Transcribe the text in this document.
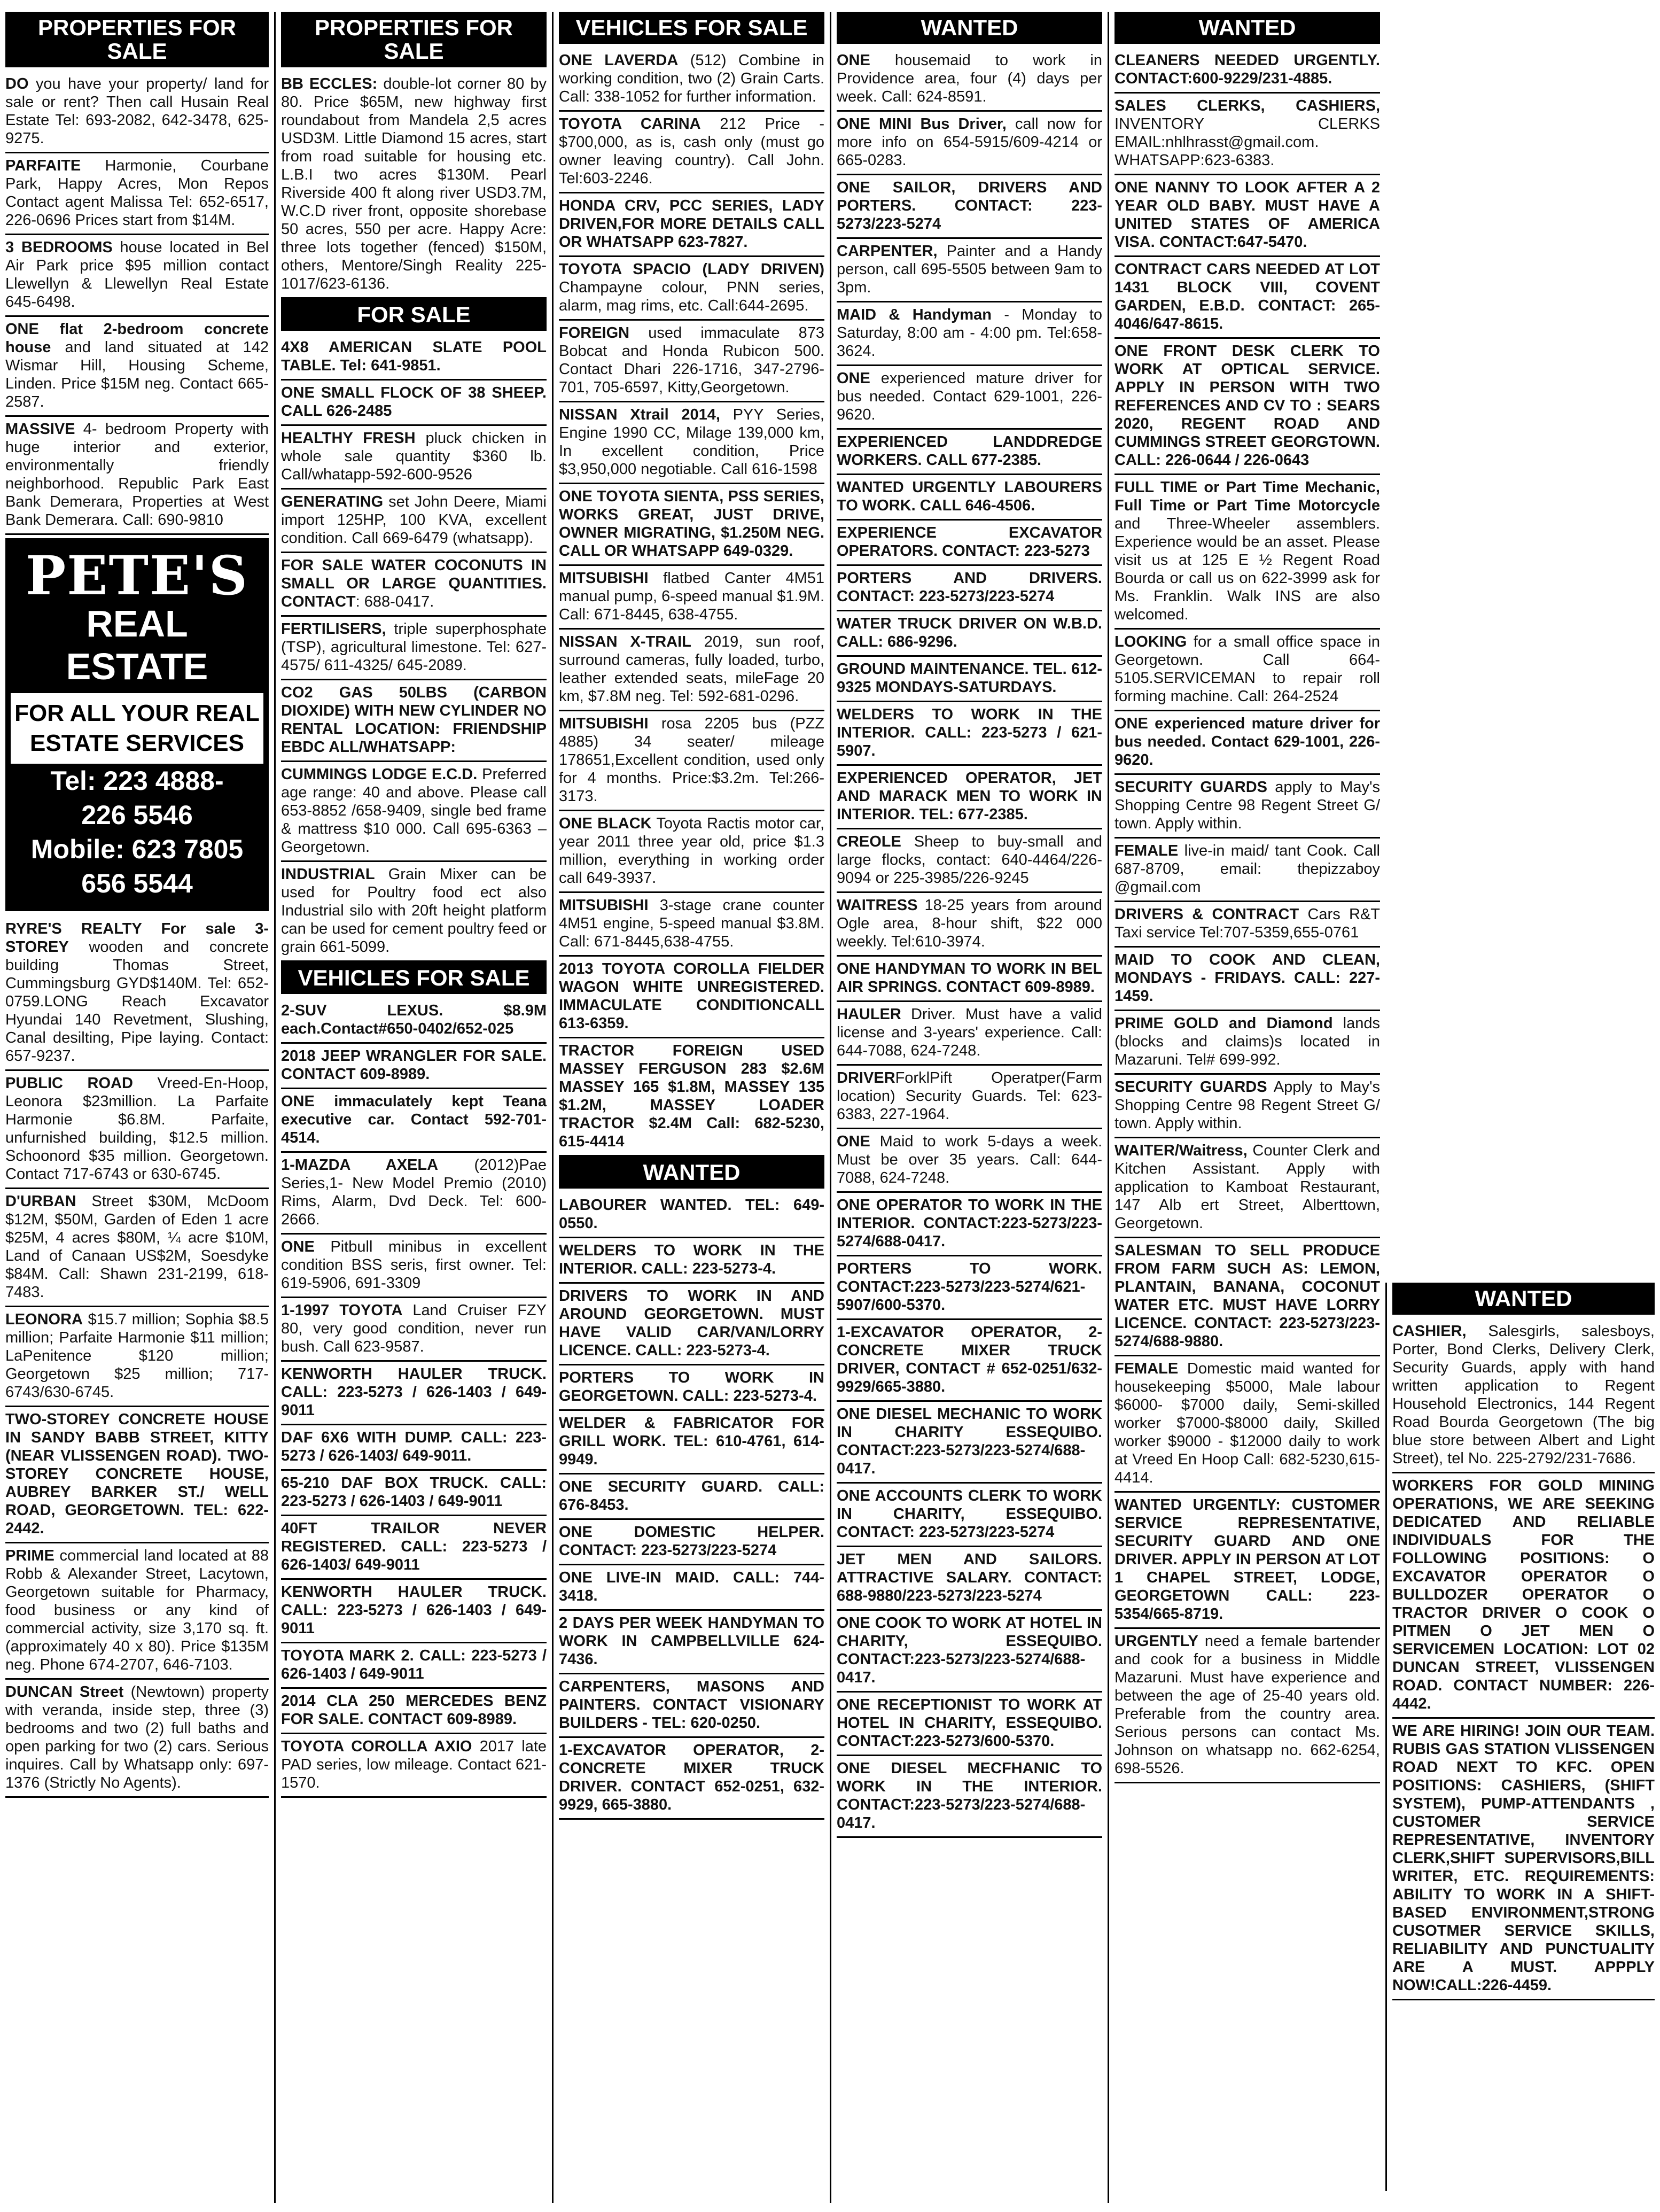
PROPERTIES FOR SALE

DO you have your property/ land for sale or rent? Then call Husain Real Estate Tel: 693-2082, 642-3478, 625-9275.

PARFAITE Harmonie, Courbane Park, Happy Acres, Mon Repos Contact agent Malissa Tel: 652-6517, 226-0696 Prices start from $14M.

3 BEDROOMS house located in Bel Air Park price $95 million contact Llewellyn & Llewellyn Real Estate 645-6498.

ONE flat 2-bedroom concrete house and land situated at 142 Wismar Hill, Housing Scheme, Linden. Price $15M neg. Contact 665-2587.

MASSIVE 4- bedroom Property with huge interior and exterior, environmentally friendly neighborhood. Republic Park East Bank Demerara, Properties at West Bank Demerara. Call: 690-9810

PETE'S
REAL ESTATE
FOR ALL YOUR REAL ESTATE SERVICES
Tel: 223 4888-
226 5546
Mobile: 623 7805
656 5544

RYRE'S REALTY For sale 3-STOREY wooden and concrete building Thomas Street, Cummingsburg GYD$140M. Tel: 652-0759.LONG Reach Excavator Hyundai 140 Revetment, Slushing, Canal desilting, Pipe laying. Contact: 657-9237.

PUBLIC ROAD Vreed-En-Hoop, Leonora $23million. La Parfaite Harmonie $6.8M. Parfaite, unfurnished building, $12.5 million. Schoonord $35 million. Georgetown. Contact 717-6743 or 630-6745.

D'URBAN Street $30M, McDoom $12M, $50M, Garden of Eden 1 acre $25M, 4 acres $80M, ¼ acre $10M, Land of Canaan US$2M, Soesdyke $84M. Call: Shawn 231-2199, 618-7483.

LEONORA $15.7 million; Sophia $8.5 million; Parfaite Harmonie $11 million; LaPenitence $120 million; Georgetown $25 million; 717-6743/630-6745.

TWO-STOREY CONCRETE HOUSE IN SANDY BABB STREET, KITTY (NEAR VLISSENGEN ROAD). TWO-STOREY CONCRETE HOUSE, AUBREY BARKER ST./ WELL ROAD, GEORGETOWN. TEL: 622-2442.

PRIME commercial land located at 88 Robb & Alexander Street, Lacytown, Georgetown suitable for Pharmacy, food business or any kind of commercial activity, size 3,170 sq. ft. (approximately 40 x 80). Price $135M neg. Phone 674-2707, 646-7103.

DUNCAN Street (Newtown) property with veranda, inside step, three (3) bedrooms and two (2) full baths and open parking for two (2) cars. Serious inquires. Call by Whatsapp only: 697-1376 (Strictly No Agents).

PROPERTIES FOR SALE

BB ECCLES: double-lot corner 80 by 80. Price $65M, new highway first roundabout from Mandela 2,5 acres USD3M. Little Diamond 15 acres, start from road suitable for housing etc. L.B.I two acres $130M. Pearl Riverside 400 ft along river USD3.7M, W.C.D river front, opposite shorebase 50 acres, 550 per acre. Happy Acre: three lots together (fenced) $150M, others, Mentore/Singh Reality 225-1017/623-6136.

FOR SALE

4X8 AMERICAN SLATE POOL TABLE. Tel: 641-9851.

ONE SMALL FLOCK OF 38 SHEEP. CALL 626-2485

HEALTHY FRESH pluck chicken in whole sale quantity $360 lb. Call/whatapp-592-600-9526

GENERATING set John Deere, Miami import 125HP, 100 KVA, excellent condition. Call 669-6479 (whatsapp).

FOR SALE WATER COCONUTS IN SMALL OR LARGE QUANTITIES. CONTACT: 688-0417.

FERTILISERS, triple superphosphate (TSP), agricultural limestone. Tel: 627-4575/ 611-4325/ 645-2089.

CO2 GAS 50LBS (CARBON DIOXIDE) WITH NEW CYLINDER NO RENTAL LOCATION: FRIENDSHIP EBDC ALL/WHATSAPP:

CUMMINGS LODGE E.C.D. Preferred age range: 40 and above. Please call 653-8852 /658-9409, single bed frame & mattress $10 000. Call 695-6363 – Georgetown.

INDUSTRIAL Grain Mixer can be used for Poultry food ect also Industrial silo with 20ft height platform can be used for cement poultry feed or grain 661-5099.

VEHICLES FOR SALE

2-SUV LEXUS. $8.9M each.Contact#650-0402/652-025

2018 JEEP WRANGLER FOR SALE. CONTACT 609-8989.

ONE immaculately kept Teana executive car. Contact 592-701-4514.

1-MAZDA AXELA (2012)Pae Series,1- New Model Premio (2010) Rims, Alarm, Dvd Deck. Tel: 600-2666.

ONE Pitbull minibus in excellent condition BSS seris, first owner. Tel: 619-5906, 691-3309

1-1997 TOYOTA Land Cruiser FZY 80, very good condition, never run bush. Call 623-9587.

KENWORTH HAULER TRUCK. CALL: 223-5273 / 626-1403 / 649-9011

DAF 6X6 WITH DUMP. CALL: 223-5273 / 626-1403/ 649-9011.

65-210 DAF BOX TRUCK. CALL: 223-5273 / 626-1403 / 649-9011

40FT TRAILOR NEVER REGISTERED. CALL: 223-5273 / 626-1403/ 649-9011

KENWORTH HAULER TRUCK. CALL: 223-5273 / 626-1403 / 649-9011

TOYOTA MARK 2. CALL: 223-5273 / 626-1403 / 649-9011

2014 CLA 250 MERCEDES BENZ FOR SALE. CONTACT 609-8989.

TOYOTA COROLLA AXIO 2017 late PAD series, low mileage. Contact 621-1570.

VEHICLES FOR SALE

ONE LAVERDA (512) Combine in working condition, two (2) Grain Carts. Call: 338-1052 for further information.

TOYOTA CARINA 212 Price - $700,000, as is, cash only (must go owner leaving country). Call John. Tel:603-2246.

HONDA CRV, PCC SERIES, LADY DRIVEN,FOR MORE DETAILS CALL OR WHATSAPP 623-7827.

TOYOTA SPACIO (LADY DRIVEN) Champayne colour, PNN series, alarm, mag rims, etc. Call:644-2695.

FOREIGN used immaculate 873 Bobcat and Honda Rubicon 500. Contact Dhari 226-1716, 347-2796-701, 705-6597, Kitty,Georgetown.

NISSAN Xtrail 2014, PYY Series, Engine 1990 CC, Milage 139,000 km, In excellent condition, Price $3,950,000 negotiable. Call 616-1598

ONE TOYOTA SIENTA, PSS SERIES, WORKS GREAT, JUST DRIVE, OWNER MIGRATING, $1.250M NEG. CALL OR WHATSAPP 649-0329.

MITSUBISHI flatbed Canter 4M51 manual pump, 6-speed manual $1.9M. Call: 671-8445, 638-4755.

NISSAN X-TRAIL 2019, sun roof, surround cameras, fully loaded, turbo, leather extended seats, mileFage 20 km, $7.8M neg. Tel: 592-681-0296.

MITSUBISHI rosa 2205 bus (PZZ 4885) 34 seater/ mileage 178651,Excellent condition, used only for 4 months. Price:$3.2m. Tel:266-3173.

ONE BLACK Toyota Ractis motor car, year 2011 three year old, price $1.3 million, everything in working order call 649-3937.

MITSUBISHI 3-stage crane counter 4M51 engine, 5-speed manual $3.8M. Call: 671-8445,638-4755.

2013 TOYOTA COROLLA FIELDER WAGON WHITE UNREGISTERED. IMMACULATE CONDITIONCALL 613-6359.

TRACTOR FOREIGN USED MASSEY FERGUSON 283 $2.6M MASSEY 165 $1.8M, MASSEY 135 $1.2M, MASSEY LOADER TRACTOR $2.4M Call: 682-5230, 615-4414

WANTED

LABOURER WANTED. TEL: 649-0550.

WELDERS TO WORK IN THE INTERIOR. CALL: 223-5273-4.

DRIVERS TO WORK IN AND AROUND GEORGETOWN. MUST HAVE VALID CAR/VAN/LORRY LICENCE. CALL: 223-5273-4.

PORTERS TO WORK IN GEORGETOWN. CALL: 223-5273-4.

WELDER & FABRICATOR FOR GRILL WORK. TEL: 610-4761, 614-9949.

ONE SECURITY GUARD. CALL: 676-8453.

ONE DOMESTIC HELPER. CONTACT: 223-5273/223-5274

ONE LIVE-IN MAID. CALL: 744-3418.

2 DAYS PER WEEK HANDYMAN TO WORK IN CAMPBELLVILLE 624-7436.

CARPENTERS, MASONS AND PAINTERS. CONTACT VISIONARY BUILDERS - TEL: 620-0250.

1-EXCAVATOR OPERATOR, 2-CONCRETE MIXER TRUCK DRIVER. CONTACT 652-0251, 632-9929, 665-3880.

WANTED

ONE housemaid to work in Providence area, four (4) days per week. Call: 624-8591.

ONE MINI Bus Driver, call now for more info on 654-5915/609-4214 or 665-0283.

ONE SAILOR, DRIVERS AND PORTERS. CONTACT: 223-5273/223-5274

CARPENTER, Painter and a Handy person, call 695-5505 between 9am to 3pm.

MAID & Handyman - Monday to Saturday, 8:00 am - 4:00 pm. Tel:658-3624.

ONE experienced mature driver for bus needed. Contact 629-1001, 226-9620.

EXPERIENCED LANDDREDGE WORKERS. CALL 677-2385.

WANTED URGENTLY LABOURERS TO WORK. CALL 646-4506.

EXPERIENCE EXCAVATOR OPERATORS. CONTACT: 223-5273

PORTERS AND DRIVERS. CONTACT: 223-5273/223-5274

WATER TRUCK DRIVER ON W.B.D. CALL: 686-9296.

GROUND MAINTENANCE. TEL. 612-9325 MONDAYS-SATURDAYS.

WELDERS TO WORK IN THE INTERIOR. CALL: 223-5273 / 621-5907.

EXPERIENCED OPERATOR, JET AND MARACK MEN TO WORK IN INTERIOR. TEL: 677-2385.

CREOLE Sheep to buy-small and large flocks, contact: 640-4464/226-9094 or 225-3985/226-9245

WAITRESS 18-25 years from around Ogle area, 8-hour shift, $22 000 weekly. Tel:610-3974.

ONE HANDYMAN TO WORK IN BEL AIR SPRINGS. CONTACT 609-8989.

HAULER Driver. Must have a valid license and 3-years' experience. Call: 644-7088, 624-7248.

DRIVERForklPift Operatper(Farm location) Security Guards. Tel: 623-6383, 227-1964.

ONE Maid to work 5-days a week. Must be over 35 years. Call: 644-7088, 624-7248.

ONE OPERATOR TO WORK IN THE INTERIOR. CONTACT:223-5273/223-5274/688-0417.

PORTERS TO WORK. CONTACT:223-5273/223-5274/621-5907/600-5370.

1-EXCAVATOR OPERATOR, 2- CONCRETE MIXER TRUCK DRIVER, CONTACT # 652-0251/632-9929/665-3880.

ONE DIESEL MECHANIC TO WORK IN CHARITY ESSEQUIBO. CONTACT:223-5273/223-5274/688-0417.

ONE ACCOUNTS CLERK TO WORK IN CHARITY, ESSEQUIBO. CONTACT: 223-5273/223-5274

JET MEN AND SAILORS. ATTRACTIVE SALARY. CONTACT: 688-9880/223-5273/223-5274

ONE COOK TO WORK AT HOTEL IN CHARITY, ESSEQUIBO. CONTACT:223-5273/223-5274/688-0417.

ONE RECEPTIONIST TO WORK AT HOTEL IN CHARITY, ESSEQUIBO. CONTACT:223-5273/600-5370.

ONE DIESEL MECFHANIC TO WORK IN THE INTERIOR. CONTACT:223-5273/223-5274/688-0417.

WANTED

CLEANERS NEEDED URGENTLY. CONTACT:600-9229/231-4885.

SALES CLERKS, CASHIERS, INVENTORY CLERKS EMAIL:nhlhrasst@gmail.com. WHATSAPP:623-6383.

ONE NANNY TO LOOK AFTER A 2 YEAR OLD BABY. MUST HAVE A UNITED STATES OF AMERICA VISA. CONTACT:647-5470.

CONTRACT CARS NEEDED AT LOT 1431 BLOCK VIII, COVENT GARDEN, E.B.D. CONTACT: 265-4046/647-8615.

ONE FRONT DESK CLERK TO WORK AT OPTICAL SERVICE. APPLY IN PERSON WITH TWO REFERENCES AND CV TO : SEARS 2020, REGENT ROAD AND CUMMINGS STREET GEORGTOWN. CALL: 226-0644 / 226-0643

FULL TIME or Part Time Mechanic, Full Time or Part Time Motorcycle and Three-Wheeler assemblers. Experience would be an asset. Please visit us at 125 E ½ Regent Road Bourda or call us on 622-3999 ask for Ms. Franklin. Walk INS are also welcomed.

LOOKING for a small office space in Georgetown. Call 664-5105.SERVICEMAN to repair roll forming machine. Call: 264-2524

ONE experienced mature driver for bus needed. Contact 629-1001, 226-9620.

SECURITY GUARDS apply to May's Shopping Centre 98 Regent Street G/ town. Apply within.

FEMALE live-in maid/ tant Cook. Call 687-8709, email: thepizzaboy @gmail.com

DRIVERS & CONTRACT Cars R&T Taxi service Tel:707-5359,655-0761

MAID TO COOK AND CLEAN, MONDAYS - FRIDAYS. CALL: 227-1459.

PRIME GOLD and Diamond lands (blocks and claims)s located in Mazaruni. Tel# 699-992.

SECURITY GUARDS Apply to May's Shopping Centre 98 Regent Street G/ town. Apply within.

WAITER/Waitress, Counter Clerk and Kitchen Assistant. Apply with application to Kamboat Restaurant, 147 Alb ert Street, Alberttown, Georgetown.

SALESMAN TO SELL PRODUCE FROM FARM SUCH AS: LEMON, PLANTAIN, BANANA, COCONUT WATER ETC. MUST HAVE LORRY LICENCE. CONTACT: 223-5273/223-5274/688-9880.

FEMALE Domestic maid wanted for housekeeping $5000, Male labour $6000- $7000 daily, Semi-skilled worker $7000-$8000 daily, Skilled worker $9000 - $12000 daily to work at Vreed En Hoop Call: 682-5230,615- 4414.

WANTED URGENTLY: CUSTOMER SERVICE REPRESENTATIVE, SECURITY GUARD AND ONE DRIVER. APPLY IN PERSON AT LOT 1 CHAPEL STREET, LODGE, GEORGETOWN CALL: 223-5354/665-8719.

URGENTLY need a female bartender and cook for a business in Middle Mazaruni. Must have experience and between the age of 25-40 years old. Preferable from the country area. Serious persons can contact Ms. Johnson on whatsapp no. 662-6254, 698-5526.

WANTED

CASHIER, Salesgirls, salesboys, Porter, Bond Clerks, Delivery Clerk, Security Guards, apply with hand written application to Regent Household Electronics, 144 Regent Road Bourda Georgetown (The big blue store between Albert and Light Street), tel No. 225-2792/231-7686.

WORKERS FOR GOLD MINING OPERATIONS, WE ARE SEEKING DEDICATED AND RELIABLE INDIVIDUALS FOR THE FOLLOWING POSITIONS: O EXCAVATOR OPERATOR O BULLDOZER OPERATOR O TRACTOR DRIVER O COOK O PITMEN O JET MEN O SERVICEMEN LOCATION: LOT 02 DUNCAN STREET, VLISSENGEN ROAD. CONTACT NUMBER: 226-4442.

WE ARE HIRING! JOIN OUR TEAM. RUBIS GAS STATION VLISSENGEN ROAD NEXT TO KFC. OPEN POSITIONS: CASHIERS, (SHIFT SYSTEM), PUMP-ATTENDANTS , CUSTOMER SERVICE REPRESENTATIVE, INVENTORY CLERK,SHIFT SUPERVISORS,BILL WRITER, ETC. REQUIREMENTS: ABILITY TO WORK IN A SHIFT-BASED ENVIRONMENT,STRONG CUSOTMER SERVICE SKILLS, RELIABILITY AND PUNCTUALITY ARE A MUST. APPPLY NOW!CALL:226-4459.
